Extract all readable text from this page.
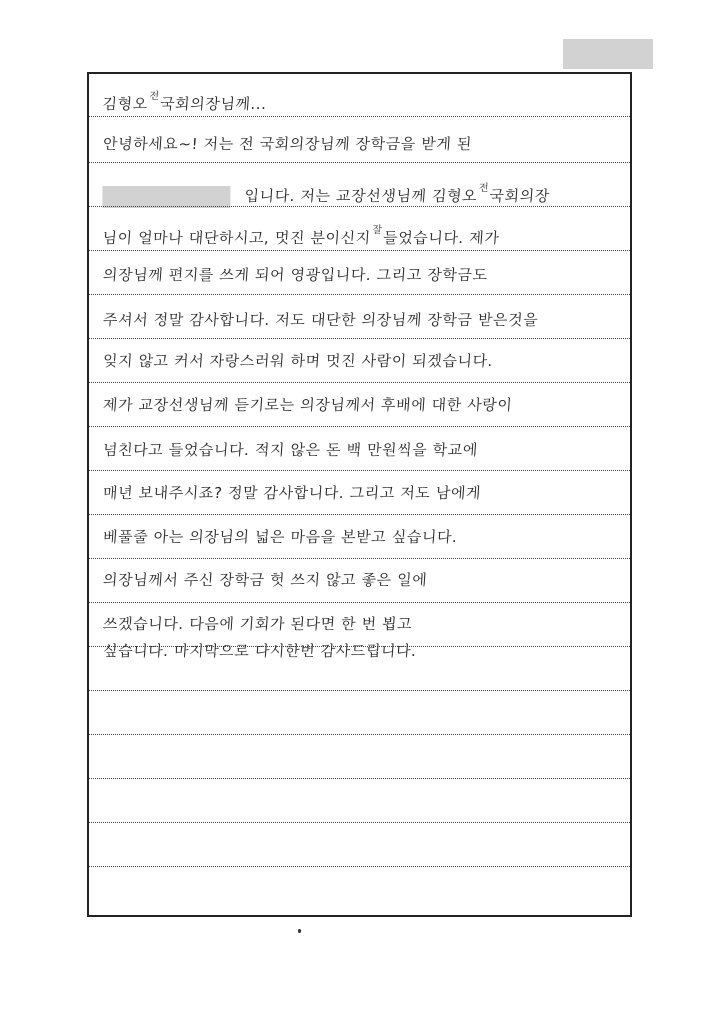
김형오$^전$국회의장님께...
안녕하세요~! 저는 전 국회의장님께 장학금을 받게 된
입니다. 저는 교장선생님께 김형오$^전$국회의장
님이 얼마나 대단하시고, 멋진 분이신지$^잘$들었습니다. 제가
의장님께 편지를 쓰게 되어 영광입니다. 그리고 장학금도
주셔서 정말 감사합니다. 저도 대단한 의장님께 장학금 받은것을
잊지 않고 커서 자랑스러워 하며 멋진 사람이 되겠습니다.
제가 교장선생님께 듣기로는 의장님께서 후배에 대한 사랑이
넘친다고 들었습니다. 적지 않은 돈 백 만원씩을 학교에
매년 보내주시죠? 정말 감사합니다. 그리고 저도 남에게
베풀줄 아는 의장님의 넓은 마음을 본받고 싶습니다.
의장님께서 주신 장학금 헛 쓰지 않고 좋은 일에
쓰겠습니다. 다음에 기회가 된다면 한 번 뵙고
싶습니다. 마지막으로 다시한번 감사드립니다.
